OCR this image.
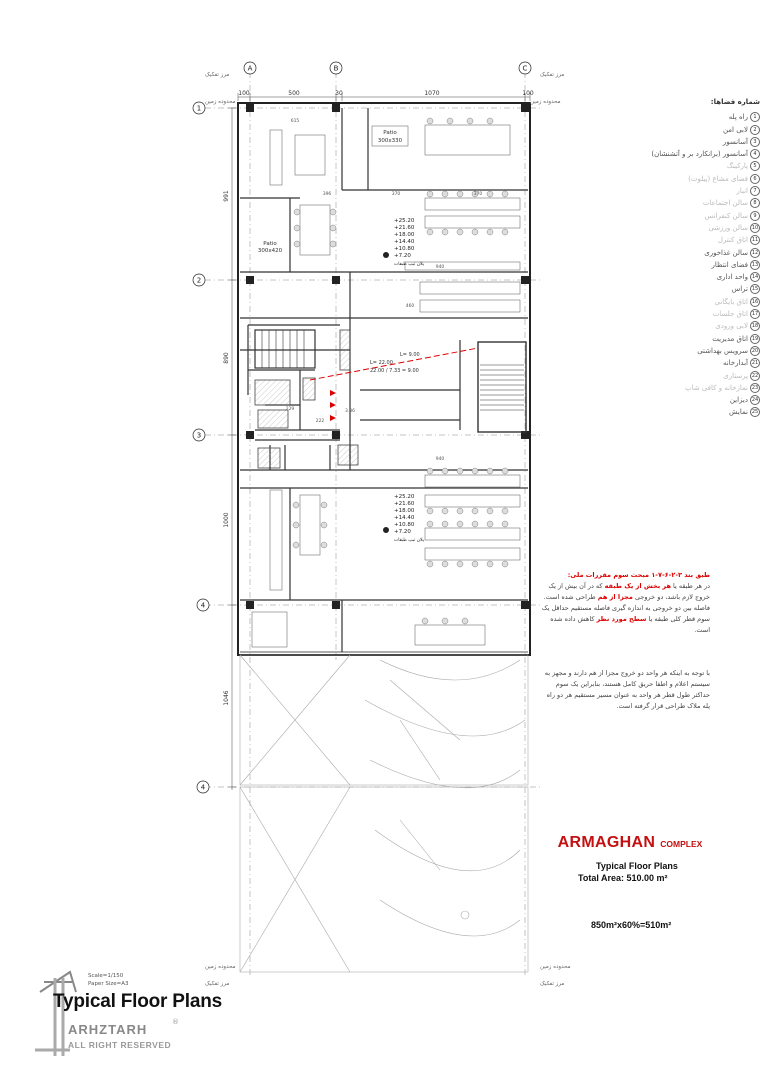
A	B	C
1
2
3
4
4
500	30	1070
100	100
991
890
1000
1046
مرز تفکیک	مرز تفکیک
محدوده زمین	محدوده زمین
محدوده زمین	محدوده زمین
مرز تفکیک	مرز تفکیک
Patio
300x330
Patio
300x420
615
370	370
396
940
940
460
229	3.36
222
L= 22.00
22.00 / 7.33 = 9.00
L= 9.00
+25.20
+21.60
+18.00
+14.40
+10.80
+7.20
پلان تیپ طبقات
+25.20
+21.60
+18.00
+14.40
+10.80
+7.20
پلان تیپ طبقات
شماره فضاها:
1راه پله
2لابی امن
3آسانسور
4آسانسور (برانکارد بر و آتشنشان)
5پارکینگ
6فضای مشاع (پیلوت)
7انبار
8سالن اجتماعات
9سالن کنفرانس
10سالن ورزشی
11اتاق کنترل
12سالن غذاخوری
13فضای انتظار
14واحد اداری
15تراس
16اتاق بایگانی
17اتاق جلسات
18لابی ورودی
19اتاق مدیریت
20سرویس بهداشتی
21آبدارخانه
22پرستاری
23نمازخانه و کافی شاپ
24دیزاین
25نمایش
طبق بند ۳-۲-۶-۷-۱ مبحث سوم مقررات ملی:
در هر طبقه یا هر بخش از یک طبقه که در آن بیش از یک خروج لازم باشد، دو خروجی مجزا از هم طراحی شده است. فاصله بین دو خروجی به اندازه گیری فاصله مستقیم حداقل یک سوم قطر کلی طبقه یا سطح مورد نظر کاهش داده شده است.
با توجه به اینکه هر واحد دو خروج مجزا از هم دارند و مجهز به سیستم اعلام و اطفا حریق کامل هستند، بنابراین یک سوم حداکثر طول قطر هر واحد به عنوان مسیر مستقیم هر دو راه پله ملاک طراحی قرار گرفته است.
ARMAGHAN COMPLEX
Typical Floor Plans
Total Area: 510.00 m²
850m²x60%=510m²
Scale=1/150
Paper Size=A3
Typical Floor Plans
ARHZTARH	®
ALL RIGHT RESERVED
